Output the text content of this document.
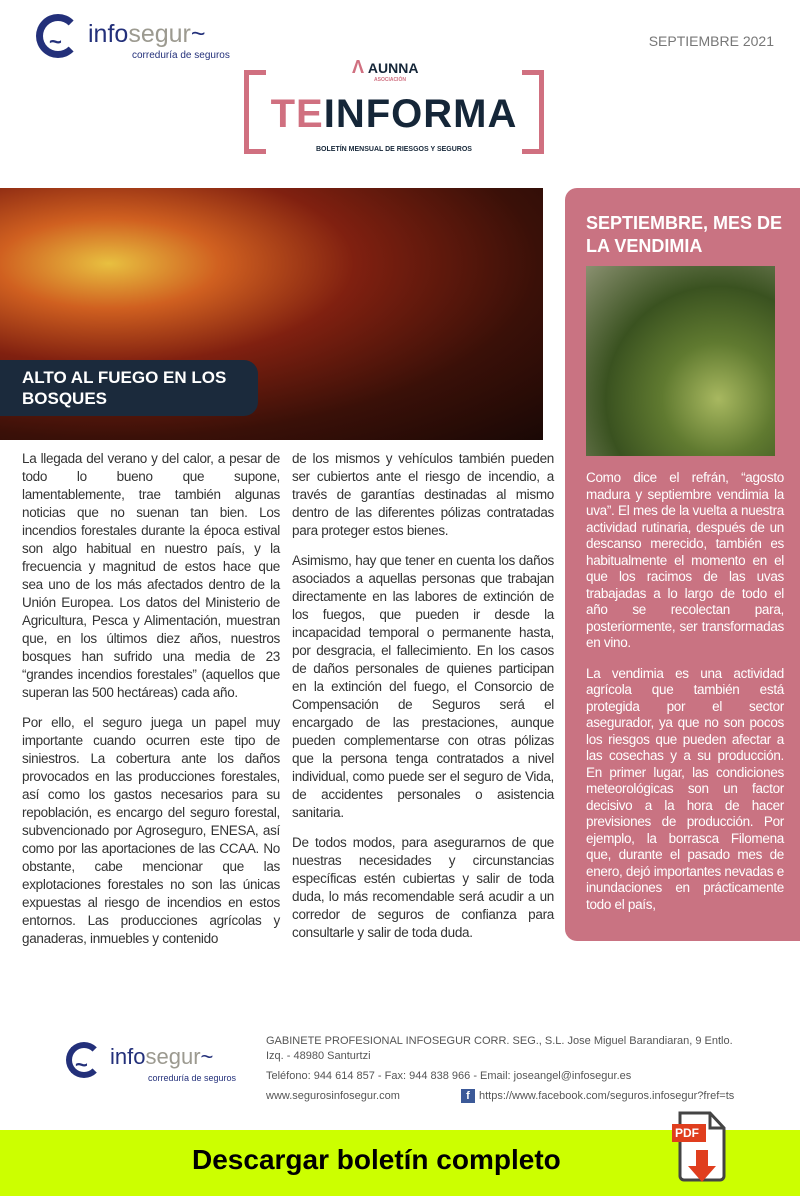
~ infosegur~
correduría de seguros
SEPTIEMBRE 2021
Λ AUNNA
ASOCIACIÓN
TEINFORMA
BOLETÍN MENSUAL DE RIESGOS Y SEGUROS
ALTO AL FUEGO EN LOS BOSQUES

La llegada del verano y del calor, a pesar de todo lo bueno que supone, lamentablemente, trae también algunas noticias que no suenan tan bien. Los incendios forestales durante la época estival son algo habitual en nuestro país, y la frecuencia y magnitud de estos hace que sea uno de los más afectados dentro de la Unión Europea. Los datos del Ministerio de Agricultura, Pesca y Alimentación, muestran que, en los últimos diez años, nuestros bosques han sufrido una media de 23 “grandes incendios forestales” (aquellos que superan las 500 hectáreas) cada año.

Por ello, el seguro juega un papel muy importante cuando ocurren este tipo de siniestros. La cobertura ante los daños provocados en las producciones forestales, así como los gastos necesarios para su repoblación, es encargo del seguro forestal, subvencionado por Agroseguro, ENESA, así como por las aportaciones de las CCAA. No obstante, cabe mencionar que las explotaciones forestales no son las únicas expuestas al riesgo de incendios en estos entornos. Las producciones agrícolas y ganaderas, inmuebles y contenido

de los mismos y vehículos también pueden ser cubiertos ante el riesgo de incendio, a través de garantías destinadas al mismo dentro de las diferentes pólizas contratadas para proteger estos bienes.

Asimismo, hay que tener en cuenta los daños asociados a aquellas personas que trabajan directamente en las labores de extinción de los fuegos, que pueden ir desde la incapacidad temporal o permanente hasta, por desgracia, el fallecimiento. En los casos de daños personales de quienes participan en la extinción del fuego, el Consorcio de Compensación de Seguros será el encargado de las prestaciones, aunque pueden complementarse con otras pólizas que la persona tenga contratados a nivel individual, como puede ser el seguro de Vida, de accidentes personales o asistencia sanitaria.

De todos modos, para asegurarnos de que nuestras necesidades y circunstancias específicas estén cubiertas y salir de toda duda, lo más recomendable será acudir a un corredor de seguros de confianza para consultarle y salir de toda duda.

SEPTIEMBRE, MES DE LA VENDIMIA

Como dice el refrán, “agosto madura y septiembre vendimia la uva”. El mes de la vuelta a nuestra actividad rutinaria, después de un descanso merecido, también es habitualmente el momento en el que los racimos de las uvas trabajadas a lo largo de todo el año se recolectan para, posteriormente, ser transformadas en vino.

La vendimia es una actividad agrícola que también está protegida por el sector asegurador, ya que no son pocos los riesgos que pueden afectar a las cosechas y a su producción. En primer lugar, las condiciones meteorológicas son un factor decisivo a la hora de hacer previsiones de producción. Por ejemplo, la borrasca Filomena que, durante el pasado mes de enero, dejó importantes nevadas e inundaciones en prácticamente todo el país,

~ infosegur~
correduría de seguros
GABINETE PROFESIONAL INFOSEGUR CORR. SEG., S.L. Jose Miguel Barandiaran, 9 Entlo. Izq. - 48980 Santurtzi
Teléfono: 944 614 857 - Fax: 944 838 966 - Email: joseangel@infosegur.es
www.segurosinfosegur.com	f https://www.facebook.com/seguros.infosegur?fref=ts
Descargar boletín completo
PDF
